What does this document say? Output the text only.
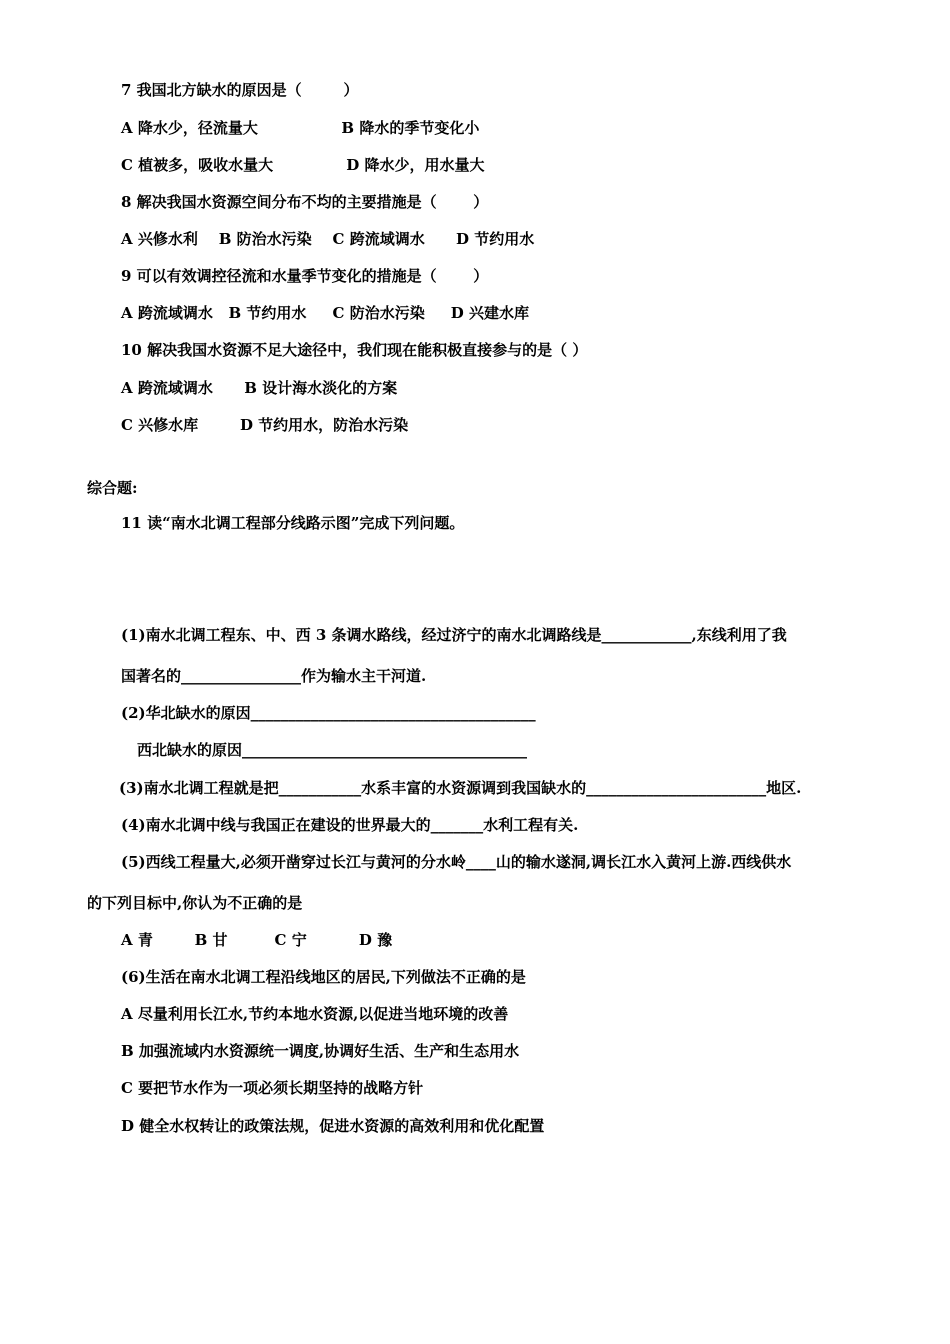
7 我国北方缺水的原因是（        ）
A 降水少，径流量大                B 降水的季节变化小
C 植被多，吸收水量大              D 降水少，用水量大
8 解决我国水资源空间分布不均的主要措施是（       ）
A 兴修水利    B 防治水污染    C 跨流域调水      D 节约用水
9 可以有效调控径流和水量季节变化的措施是（       ）
A 跨流域调水   B 节约用水     C 防治水污染     D 兴建水库
10 解决我国水资源不足大途径中，我们现在能积极直接参与的是（ ）
A 跨流域调水      B 设计海水淡化的方案
C 兴修水库        D 节约用水，防治水污染
综合题:
11 读“南水北调工程部分线路示图”完成下列问题。
(1)南水北调工程东、中、西 3 条调水路线，经过济宁的南水北调路线是____________,东线利用了我
国著名的________________作为输水主干河道.
(2)华北缺水的原因______________________________________
西北缺水的原因______________________________________
(3)南水北调工程就是把___________水系丰富的水资源调到我国缺水的________________________地区.
(4)南水北调中线与我国正在建设的世界最大的_______水利工程有关.
(5)西线工程量大,必须开凿穿过长江与黄河的分水岭____山的输水遂洞,调长江水入黄河上游.西线供水
的下列目标中,你认为不正确的是
A 青        B 甘         C 宁          D 豫
(6)生活在南水北调工程沿线地区的居民,下列做法不正确的是
A 尽量利用长江水,节约本地水资源,以促进当地环境的改善
B 加强流域内水资源统一调度,协调好生活、生产和生态用水
C 要把节水作为一项必须长期坚持的战略方针
D 健全水权转让的政策法规，促进水资源的高效利用和优化配置
